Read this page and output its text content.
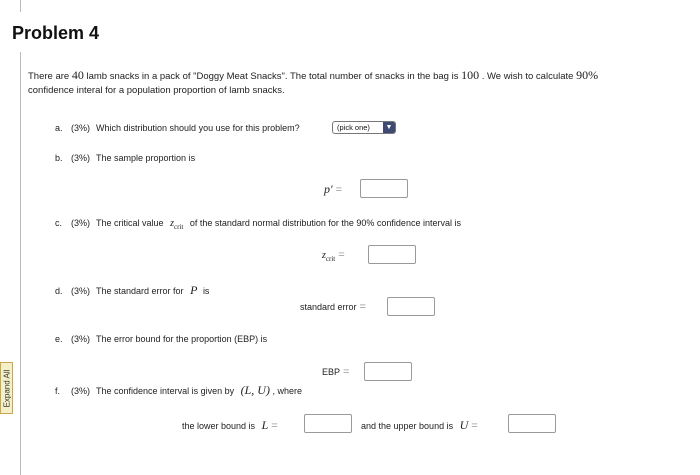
Problem 4
There are 40 lamb snacks in a pack of "Doggy Meat Snacks". The total number of snacks in the bag is 100 . We wish to calculate 90%
confidence interal for a population proportion of lamb snacks.
a. (3%) Which distribution should you use for this problem?	(pick one)	▼
b. (3%) The sample proportion is
p′ =
c. (3%) The critical value $z_{crit}$ of the standard normal distribution for the 90% confidence interval is
$z_{crit}$ =
d. (3%) The standard error for P is
standard error =
e. (3%) The error bound for the proportion (EBP) is
EBP =
f. (3%) The confidence interval is given by (L, U) , where
the lower bound is L =	and the upper bound is U =
Expand All
